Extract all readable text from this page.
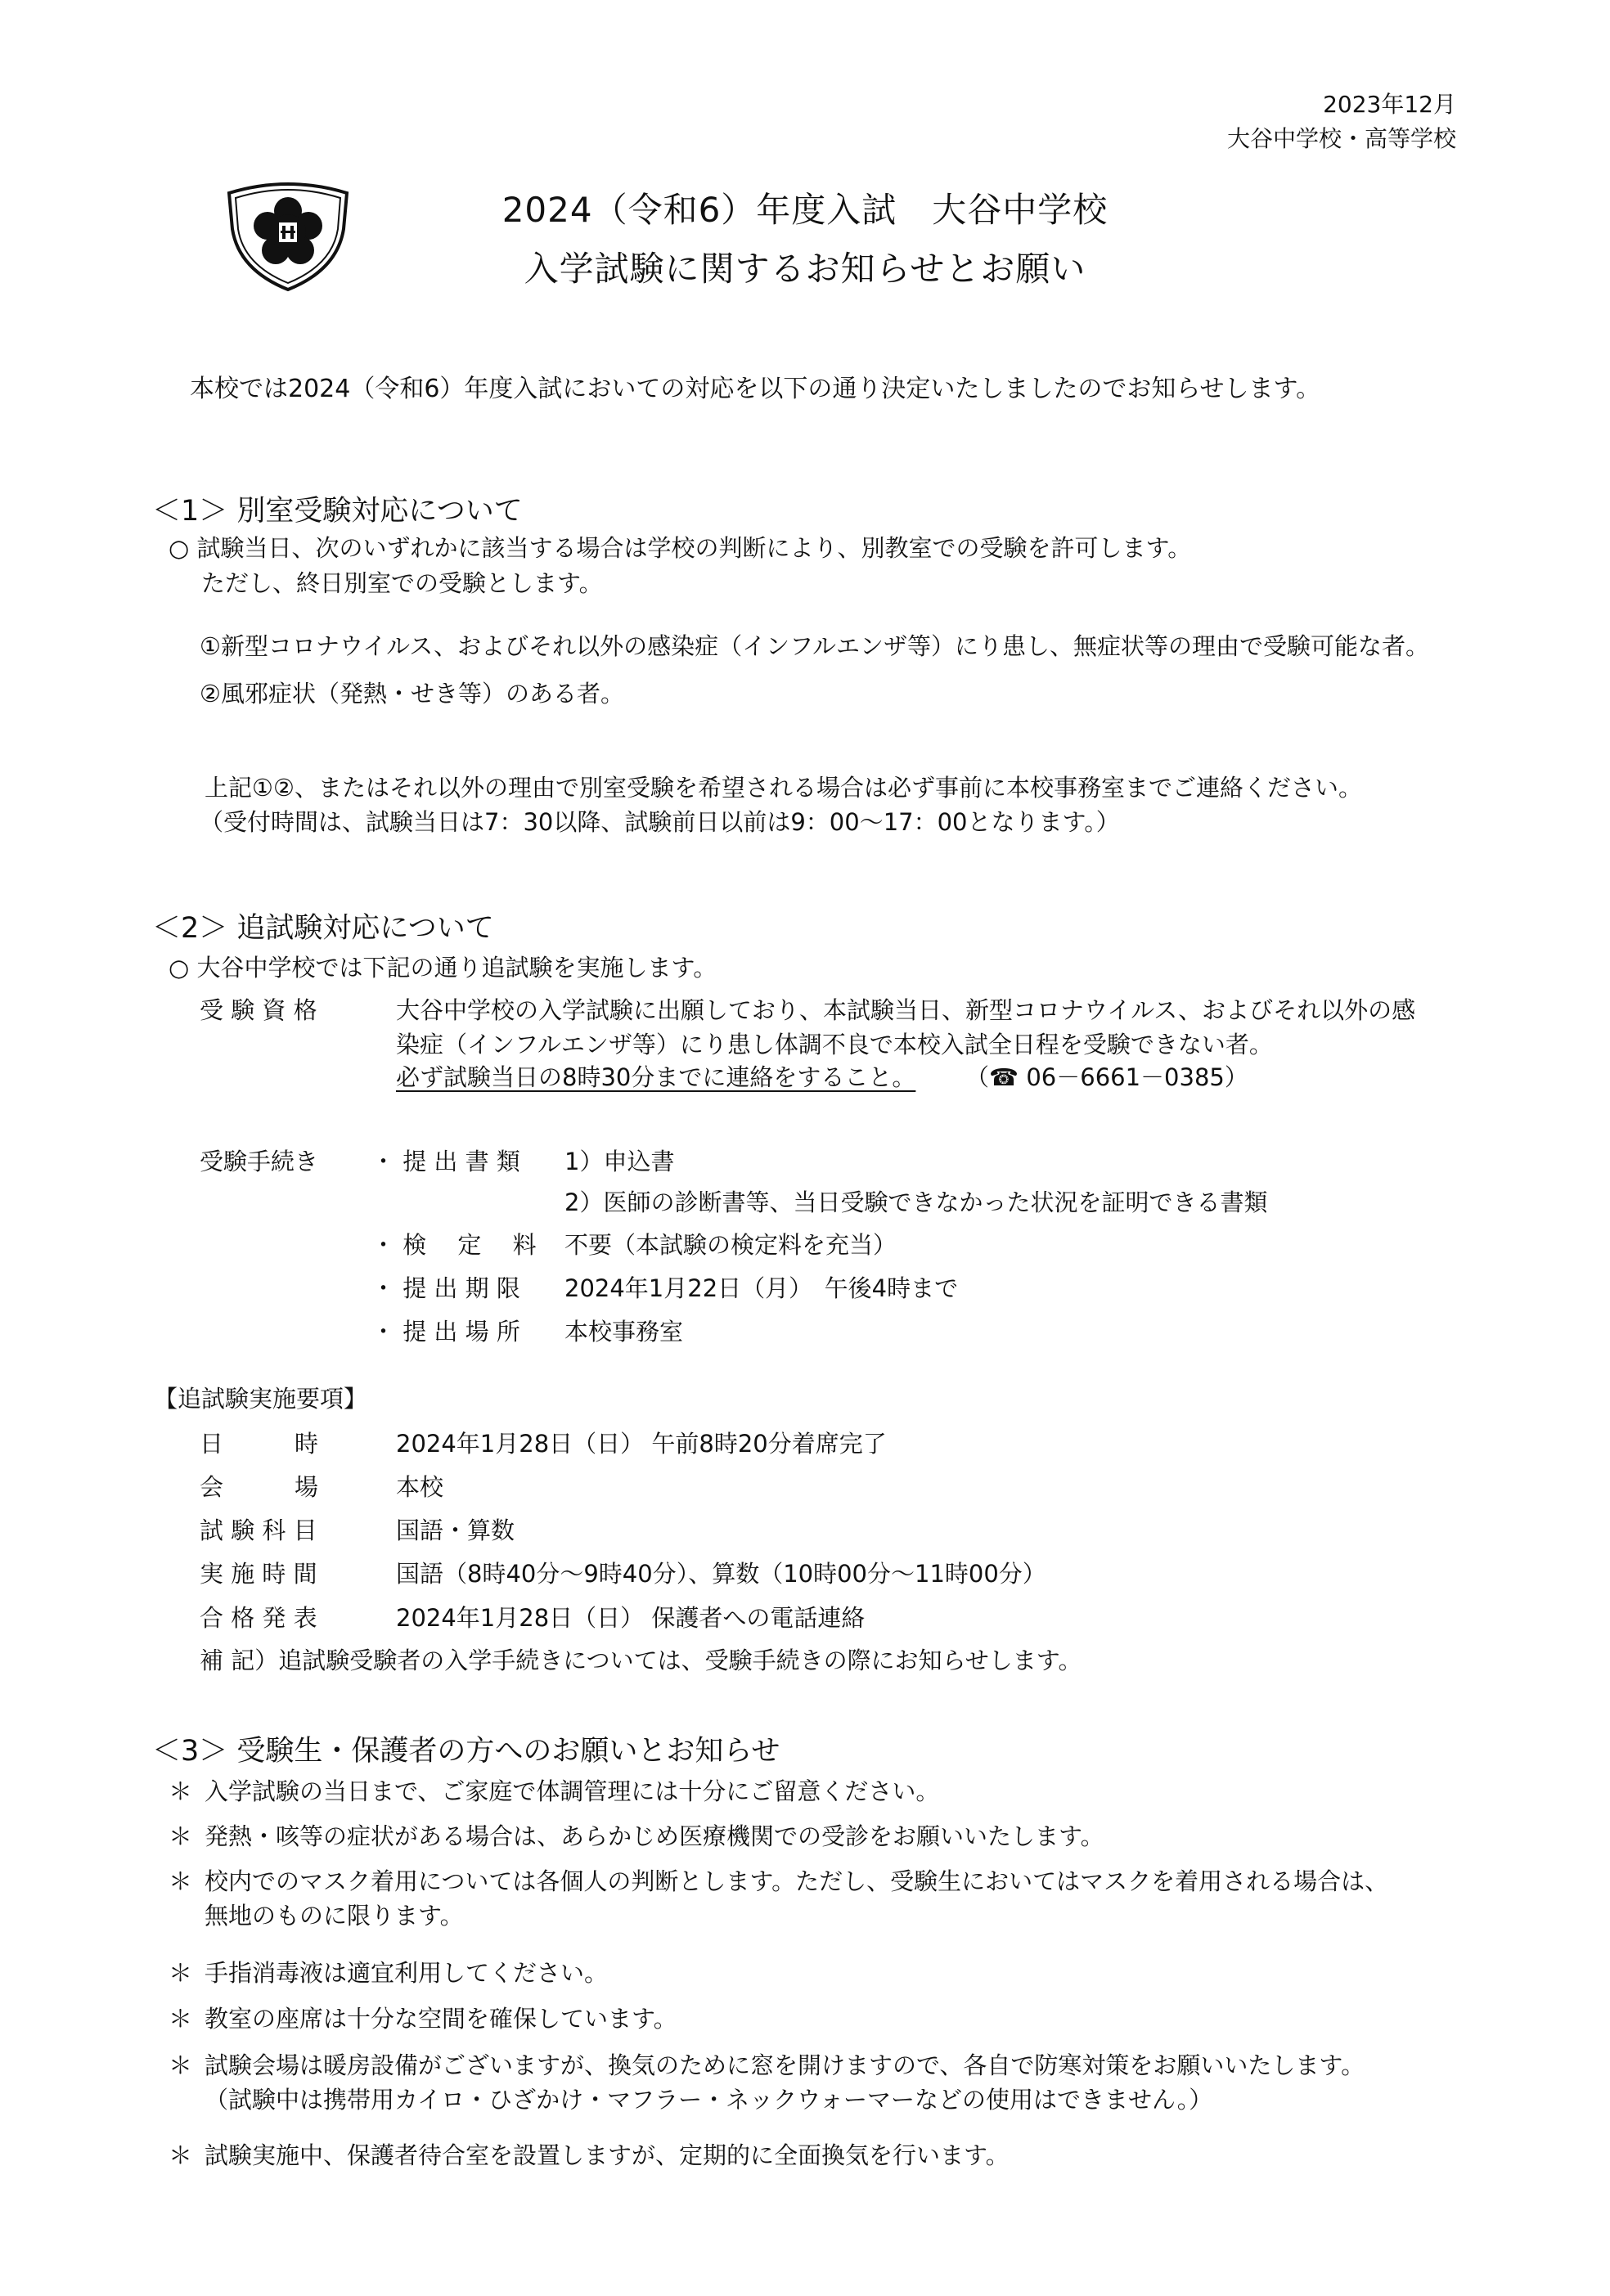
2023年12月
大谷中学校・高等学校
2024（令和6）年度入試　大谷中学校
入学試験に関するお知らせとお願い
本校では2024（令和6）年度入試においての対応を以下の通り決定いたしましたのでお知らせします。
＜1＞ 別室受験対応について
○ 試験当日、次のいずれかに該当する場合は学校の判断により、別教室での受験を許可します。
ただし、終日別室での受験とします。
①新型コロナウイルス、およびそれ以外の感染症（インフルエンザ等）にり患し、無症状等の理由で受験可能な者。
②風邪症状（発熱・せき等）のある者。
上記①②、またはそれ以外の理由で別室受験を希望される場合は必ず事前に本校事務室までご連絡ください。
（受付時間は、試験当日は7：30以降、試験前日以前は9：00～17：00となります。）
＜2＞ 追試験対応について
○ 大谷中学校では下記の通り追試験を実施します。
受 験 資 格	大谷中学校の入学試験に出願しており、本試験当日、新型コロナウイルス、およびそれ以外の感
染症（インフルエンザ等）にり患し体調不良で本校入試全日程を受験できない者。
必ず試験当日の8時30分までに連絡をすること。 （☎ 06－6661－0385）
受験手続き ・ 提 出 書 類 1）申込書
2）医師の診断書等、当日受験できなかった状況を証明できる書類
・ 検　 定　 料 不要（本試験の検定料を充当）
・ 提 出 期 限 2024年1月22日（月）　午後4時まで
・ 提 出 場 所 本校事務室
【追試験実施要項】
日　　　時	2024年1月28日（日） 午前8時20分着席完了
会　　　場	本校
試 験 科 目	国語・算数
実 施 時 間	国語（8時40分～9時40分）、算数（10時00分～11時00分）
合 格 発 表	2024年1月28日（日） 保護者への電話連絡
補 記）追試験受験者の入学手続きについては、受験手続きの際にお知らせします。
＜3＞ 受験生・保護者の方へのお願いとお知らせ
＊ 入学試験の当日まで、ご家庭で体調管理には十分にご留意ください。
＊ 発熱・咳等の症状がある場合は、あらかじめ医療機関での受診をお願いいたします。
＊ 校内でのマスク着用については各個人の判断とします。ただし、受験生においてはマスクを着用される場合は、
無地のものに限ります。
＊ 手指消毒液は適宜利用してください。
＊ 教室の座席は十分な空間を確保しています。
＊ 試験会場は暖房設備がございますが、換気のために窓を開けますので、各自で防寒対策をお願いいたします。
（試験中は携帯用カイロ・ひざかけ・マフラー・ネックウォーマーなどの使用はできません。）
＊ 試験実施中、保護者待合室を設置しますが、定期的に全面換気を行います。
